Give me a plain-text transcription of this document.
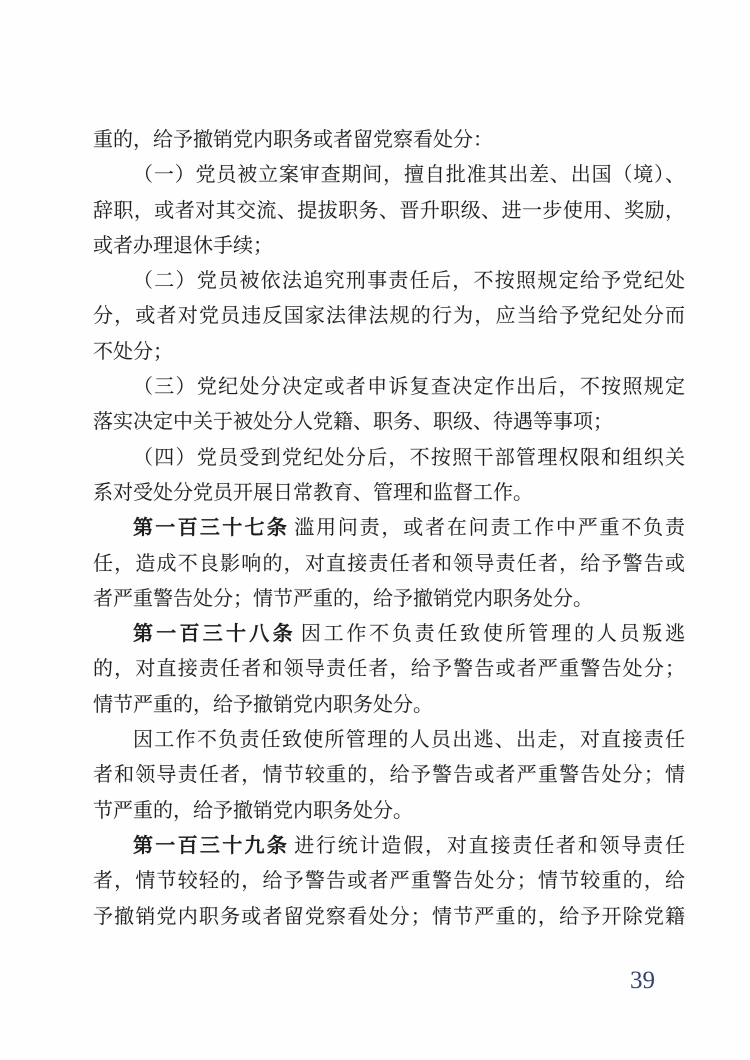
重的，给予撤销党内职务或者留党察看处分：
（一）党员被立案审查期间，擅自批准其出差、出国（境）、
辞职，或者对其交流、提拔职务、晋升职级、进一步使用、奖励，
或者办理退休手续；
（二）党员被依法追究刑事责任后，不按照规定给予党纪处
分，或者对党员违反国家法律法规的行为，应当给予党纪处分而
不处分；
（三）党纪处分决定或者申诉复查决定作出后，不按照规定
落实决定中关于被处分人党籍、职务、职级、待遇等事项；
（四）党员受到党纪处分后，不按照干部管理权限和组织关
系对受处分党员开展日常教育、管理和监督工作。
第一百三十七条 滥用问责，或者在问责工作中严重不负责
任，造成不良影响的，对直接责任者和领导责任者，给予警告或
者严重警告处分；情节严重的，给予撤销党内职务处分。
第一百三十八条 因工作不负责任致使所管理的人员叛逃
的，对直接责任者和领导责任者，给予警告或者严重警告处分；
情节严重的，给予撤销党内职务处分。
因工作不负责任致使所管理的人员出逃、出走，对直接责任
者和领导责任者，情节较重的，给予警告或者严重警告处分；情
节严重的，给予撤销党内职务处分。
第一百三十九条 进行统计造假，对直接责任者和领导责任
者，情节较轻的，给予警告或者严重警告处分；情节较重的，给
予撤销党内职务或者留党察看处分；情节严重的，给予开除党籍
39
